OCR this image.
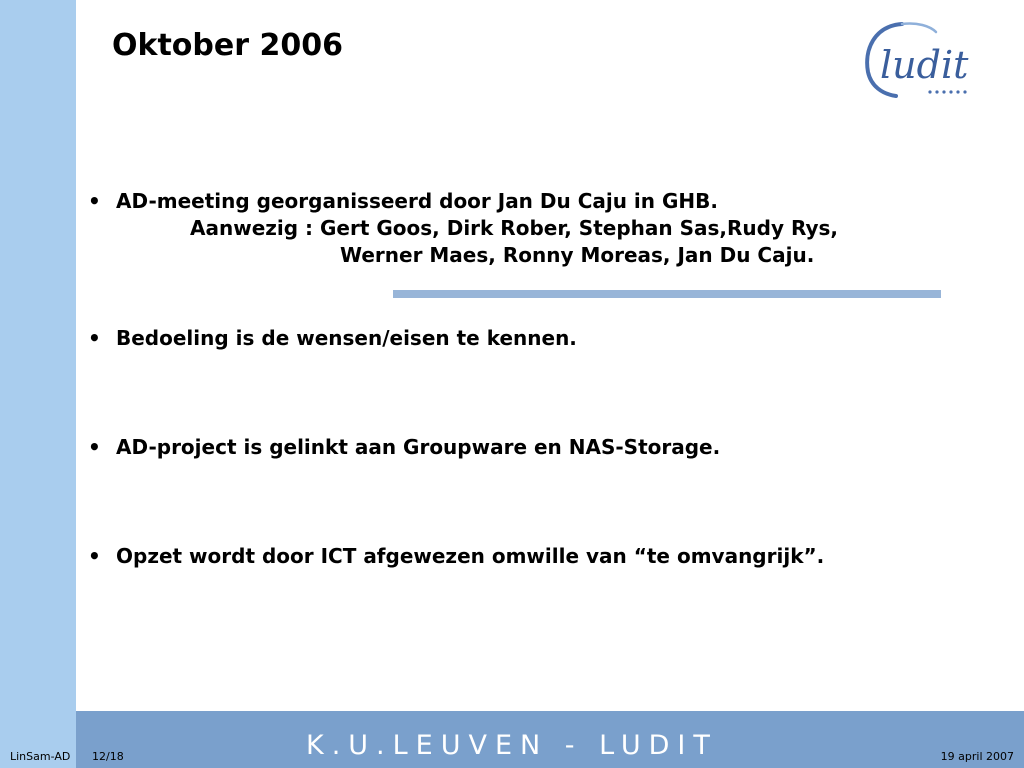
Oktober 2006	ludit
• AD-meeting georganisseerd door Jan Du Caju in GHB.
Aanwezig : Gert Goos, Dirk Rober, Stephan Sas,Rudy Rys,
Werner Maes, Ronny Moreas, Jan Du Caju.
• Bedoeling is de wensen/eisen te kennen.
• AD-project is gelinkt aan Groupware en NAS-Storage.
• Opzet wordt door ICT afgewezen omwille van “te omvangrijk”.
K.U.LEUVEN - LUDIT
LinSam-AD 12/18	19 april 2007
